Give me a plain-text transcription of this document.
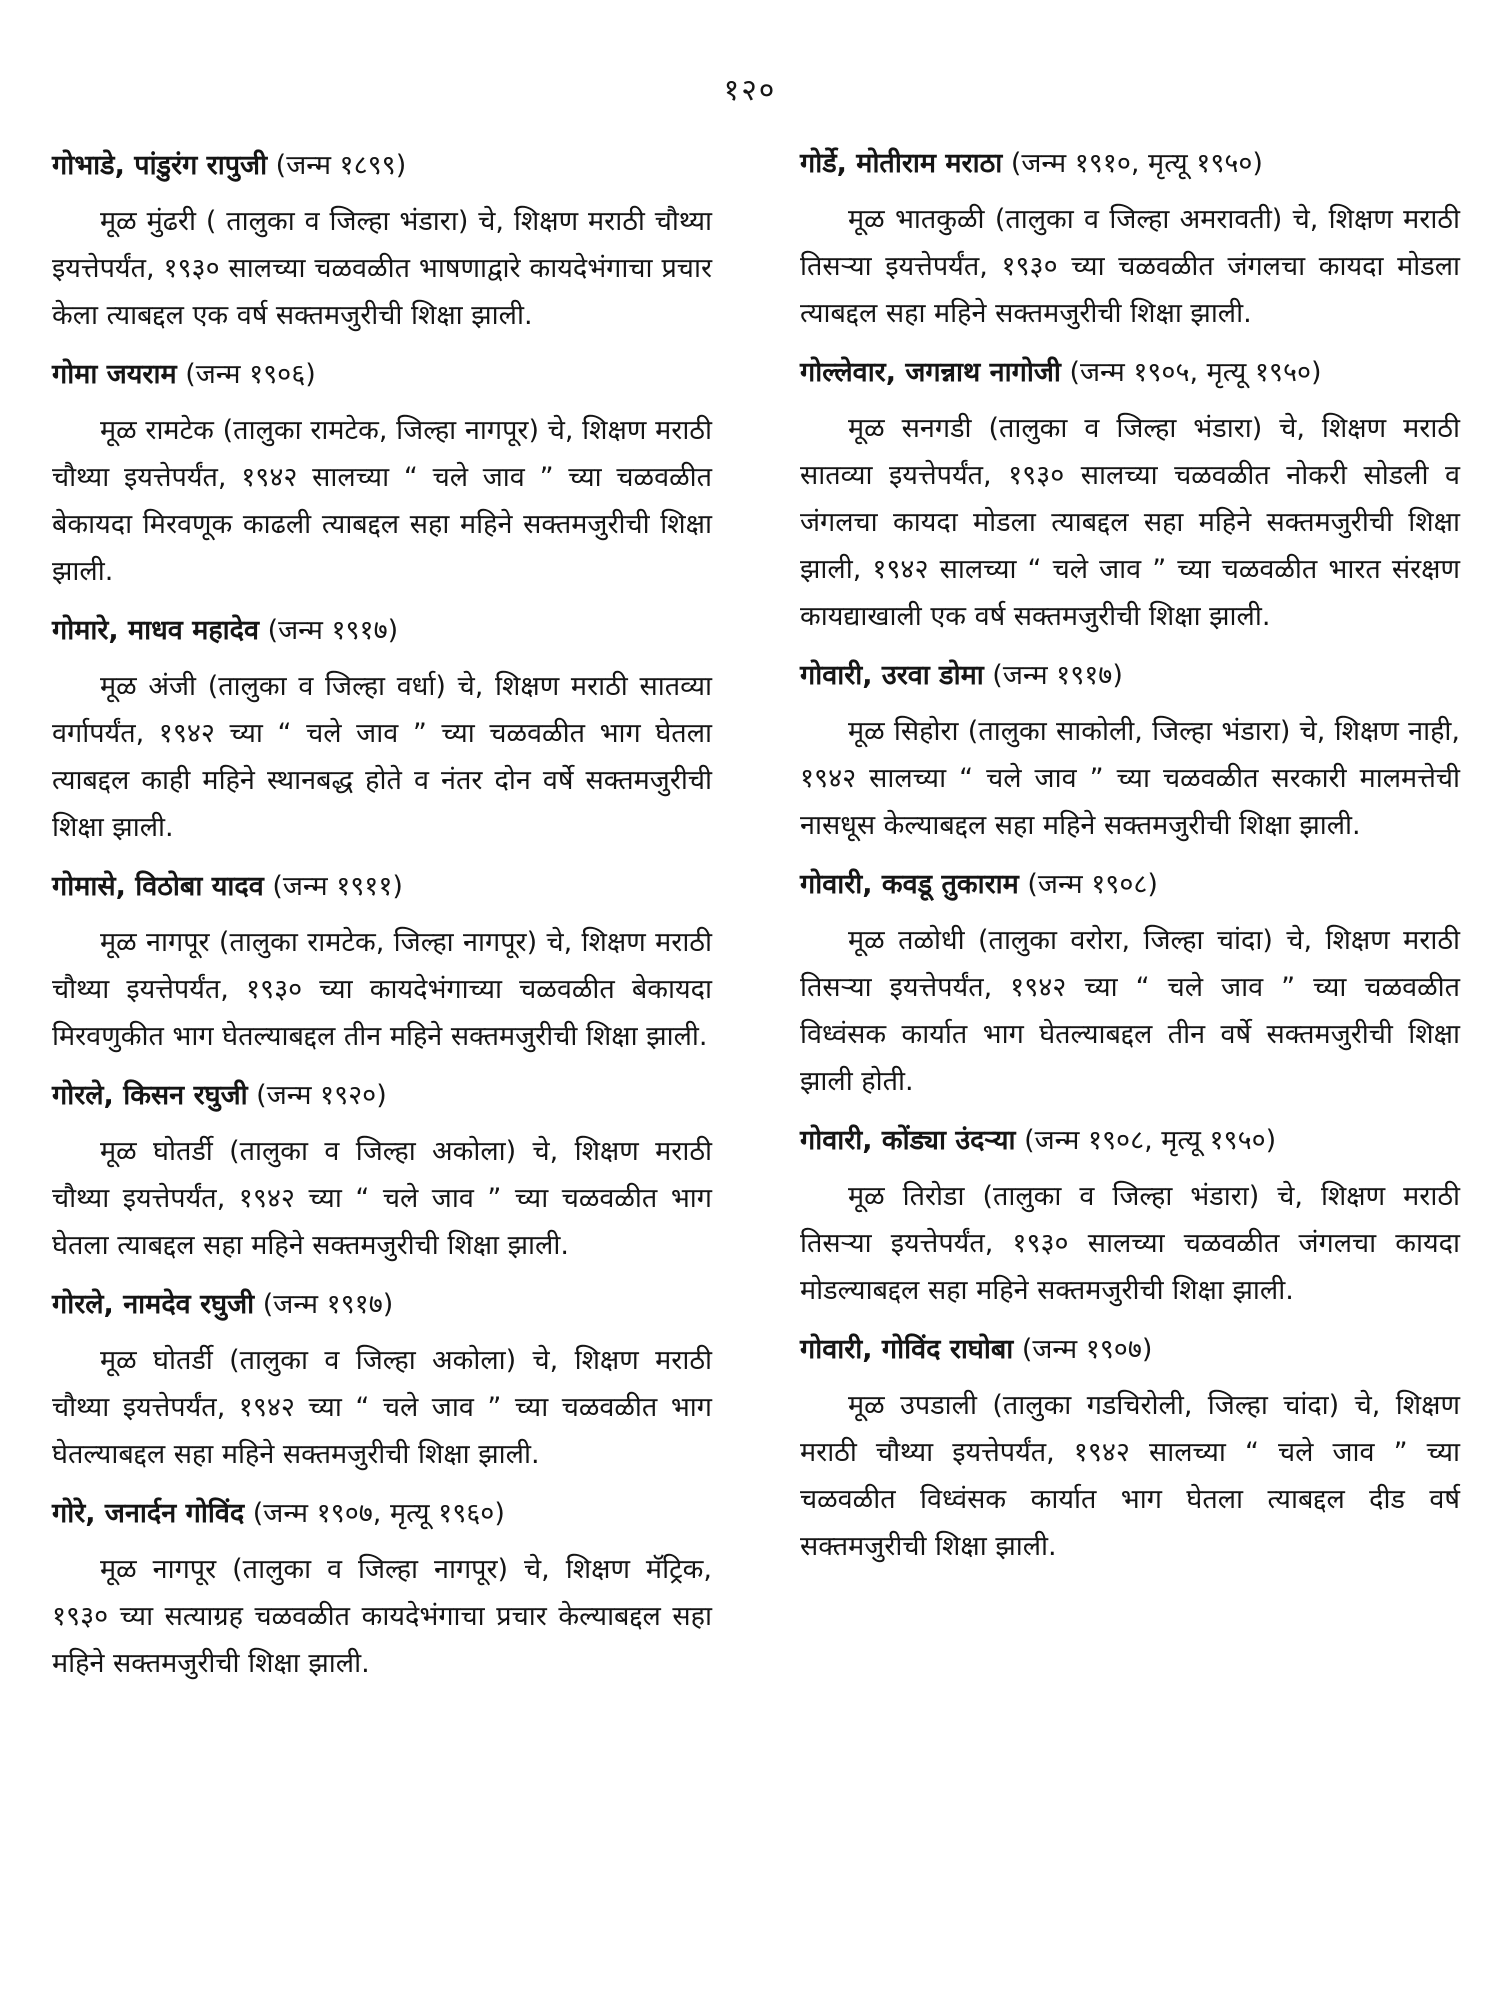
१२०

गोभाडे, पांडुरंग रापुजी (जन्म १८९९)

मूळ मुंढरी ( तालुका व जिल्हा भंडारा) चे, शिक्षण मराठी चौथ्या इयत्तेपर्यंत, १९३० सालच्या चळवळीत भाषणाद्वारे कायदेभंगाचा प्रचार केला त्याबद्दल एक वर्ष सक्तमजुरीची शिक्षा झाली.

गोमा जयराम (जन्म १९०६)

मूळ रामटेक (तालुका रामटेक, जिल्हा नागपूर) चे, शिक्षण मराठी चौथ्या इयत्तेपर्यंत, १९४२ सालच्या “ चले जाव ” च्या चळवळीत बेकायदा मिरवणूक काढली त्याबद्दल सहा महिने सक्तमजुरीची शिक्षा झाली.

गोमारे, माधव महादेव (जन्म १९१७)

मूळ अंजी (तालुका व जिल्हा वर्धा) चे, शिक्षण मराठी सातव्या वर्गापर्यंत, १९४२ च्या “ चले जाव ” च्या चळवळीत भाग घेतला त्याबद्दल काही महिने स्थानबद्ध होते व नंतर दोन वर्षे सक्तमजुरीची शिक्षा झाली.

गोमासे, विठोबा यादव (जन्म १९११)

मूळ नागपूर (तालुका रामटेक, जिल्हा नागपूर) चे, शिक्षण मराठी चौथ्या इयत्तेपर्यंत, १९३० च्या कायदेभंगाच्या चळवळीत बेकायदा मिरवणुकीत भाग घेतल्याबद्दल तीन महिने सक्तमजुरीची शिक्षा झाली.

गोरले, किसन रघुजी (जन्म १९२०)

मूळ घोतर्डी (तालुका व जिल्हा अकोला) चे, शिक्षण मराठी चौथ्या इयत्तेपर्यंत, १९४२ च्या “ चले जाव ” च्या चळवळीत भाग घेतला त्याबद्दल सहा महिने सक्तमजुरीची शिक्षा झाली.

गोरले, नामदेव रघुजी (जन्म १९१७)

मूळ घोतर्डी (तालुका व जिल्हा अकोला) चे, शिक्षण मराठी चौथ्या इयत्तेपर्यंत, १९४२ च्या “ चले जाव ” च्या चळवळीत भाग घेतल्याबद्दल सहा महिने सक्तमजुरीची शिक्षा झाली.

गोरे, जनार्दन गोविंद (जन्म १९०७, मृत्यू १९६०)

मूळ नागपूर (तालुका व जिल्हा नागपूर) चे, शिक्षण मॅट्रिक, १९३० च्या सत्याग्रह चळवळीत कायदेभंगाचा प्रचार केल्याबद्दल सहा महिने सक्तमजुरीची शिक्षा झाली.

गोर्डे, मोतीराम मराठा (जन्म १९१०, मृत्यू १९५०)

मूळ भातकुळी (तालुका व जिल्हा अमरावती) चे, शिक्षण मराठी तिसऱ्या इयत्तेपर्यंत, १९३० च्या चळवळीत जंगलचा कायदा मोडला त्याबद्दल सहा महिने सक्तमजुरीची शिक्षा झाली.

गोल्लेवार, जगन्नाथ नागोजी (जन्म १९०५, मृत्यू १९५०)

मूळ सनगडी (तालुका व जिल्हा भंडारा) चे, शिक्षण मराठी सातव्या इयत्तेपर्यंत, १९३० सालच्या चळवळीत नोकरी सोडली व जंगलचा कायदा मोडला त्याबद्दल सहा महिने सक्तमजुरीची शिक्षा झाली, १९४२ सालच्या “ चले जाव ” च्या चळवळीत भारत संरक्षण कायद्याखाली एक वर्ष सक्तमजुरीची शिक्षा झाली.

गोवारी, उरवा डोमा (जन्म १९१७)

मूळ सिहोरा (तालुका साकोली, जिल्हा भंडारा) चे, शिक्षण नाही, १९४२ सालच्या “ चले जाव ” च्या चळवळीत सरकारी मालमत्तेची नासधूस केल्याबद्दल सहा महिने सक्तमजुरीची शिक्षा झाली.

गोवारी, कवडू तुकाराम (जन्म १९०८)

मूळ तळोधी (तालुका वरोरा, जिल्हा चांदा) चे, शिक्षण मराठी तिसऱ्या इयत्तेपर्यंत, १९४२ च्या “ चले जाव ” च्या चळवळीत विध्वंसक कार्यात भाग घेतल्याबद्दल तीन वर्षे सक्तमजुरीची शिक्षा झाली होती.

गोवारी, कोंड्या उंदऱ्या (जन्म १९०८, मृत्यू १९५०)

मूळ तिरोडा (तालुका व जिल्हा भंडारा) चे, शिक्षण मराठी तिसऱ्या इयत्तेपर्यंत, १९३० सालच्या चळवळीत जंगलचा कायदा मोडल्याबद्दल सहा महिने सक्तमजुरीची शिक्षा झाली.

गोवारी, गोविंद राघोबा (जन्म १९०७)

मूळ उपडाली (तालुका गडचिरोली, जिल्हा चांदा) चे, शिक्षण मराठी चौथ्या इयत्तेपर्यंत, १९४२ सालच्या “ चले जाव ” च्या चळवळीत विध्वंसक कार्यात भाग घेतला त्याबद्दल दीड वर्ष सक्तमजुरीची शिक्षा झाली.
